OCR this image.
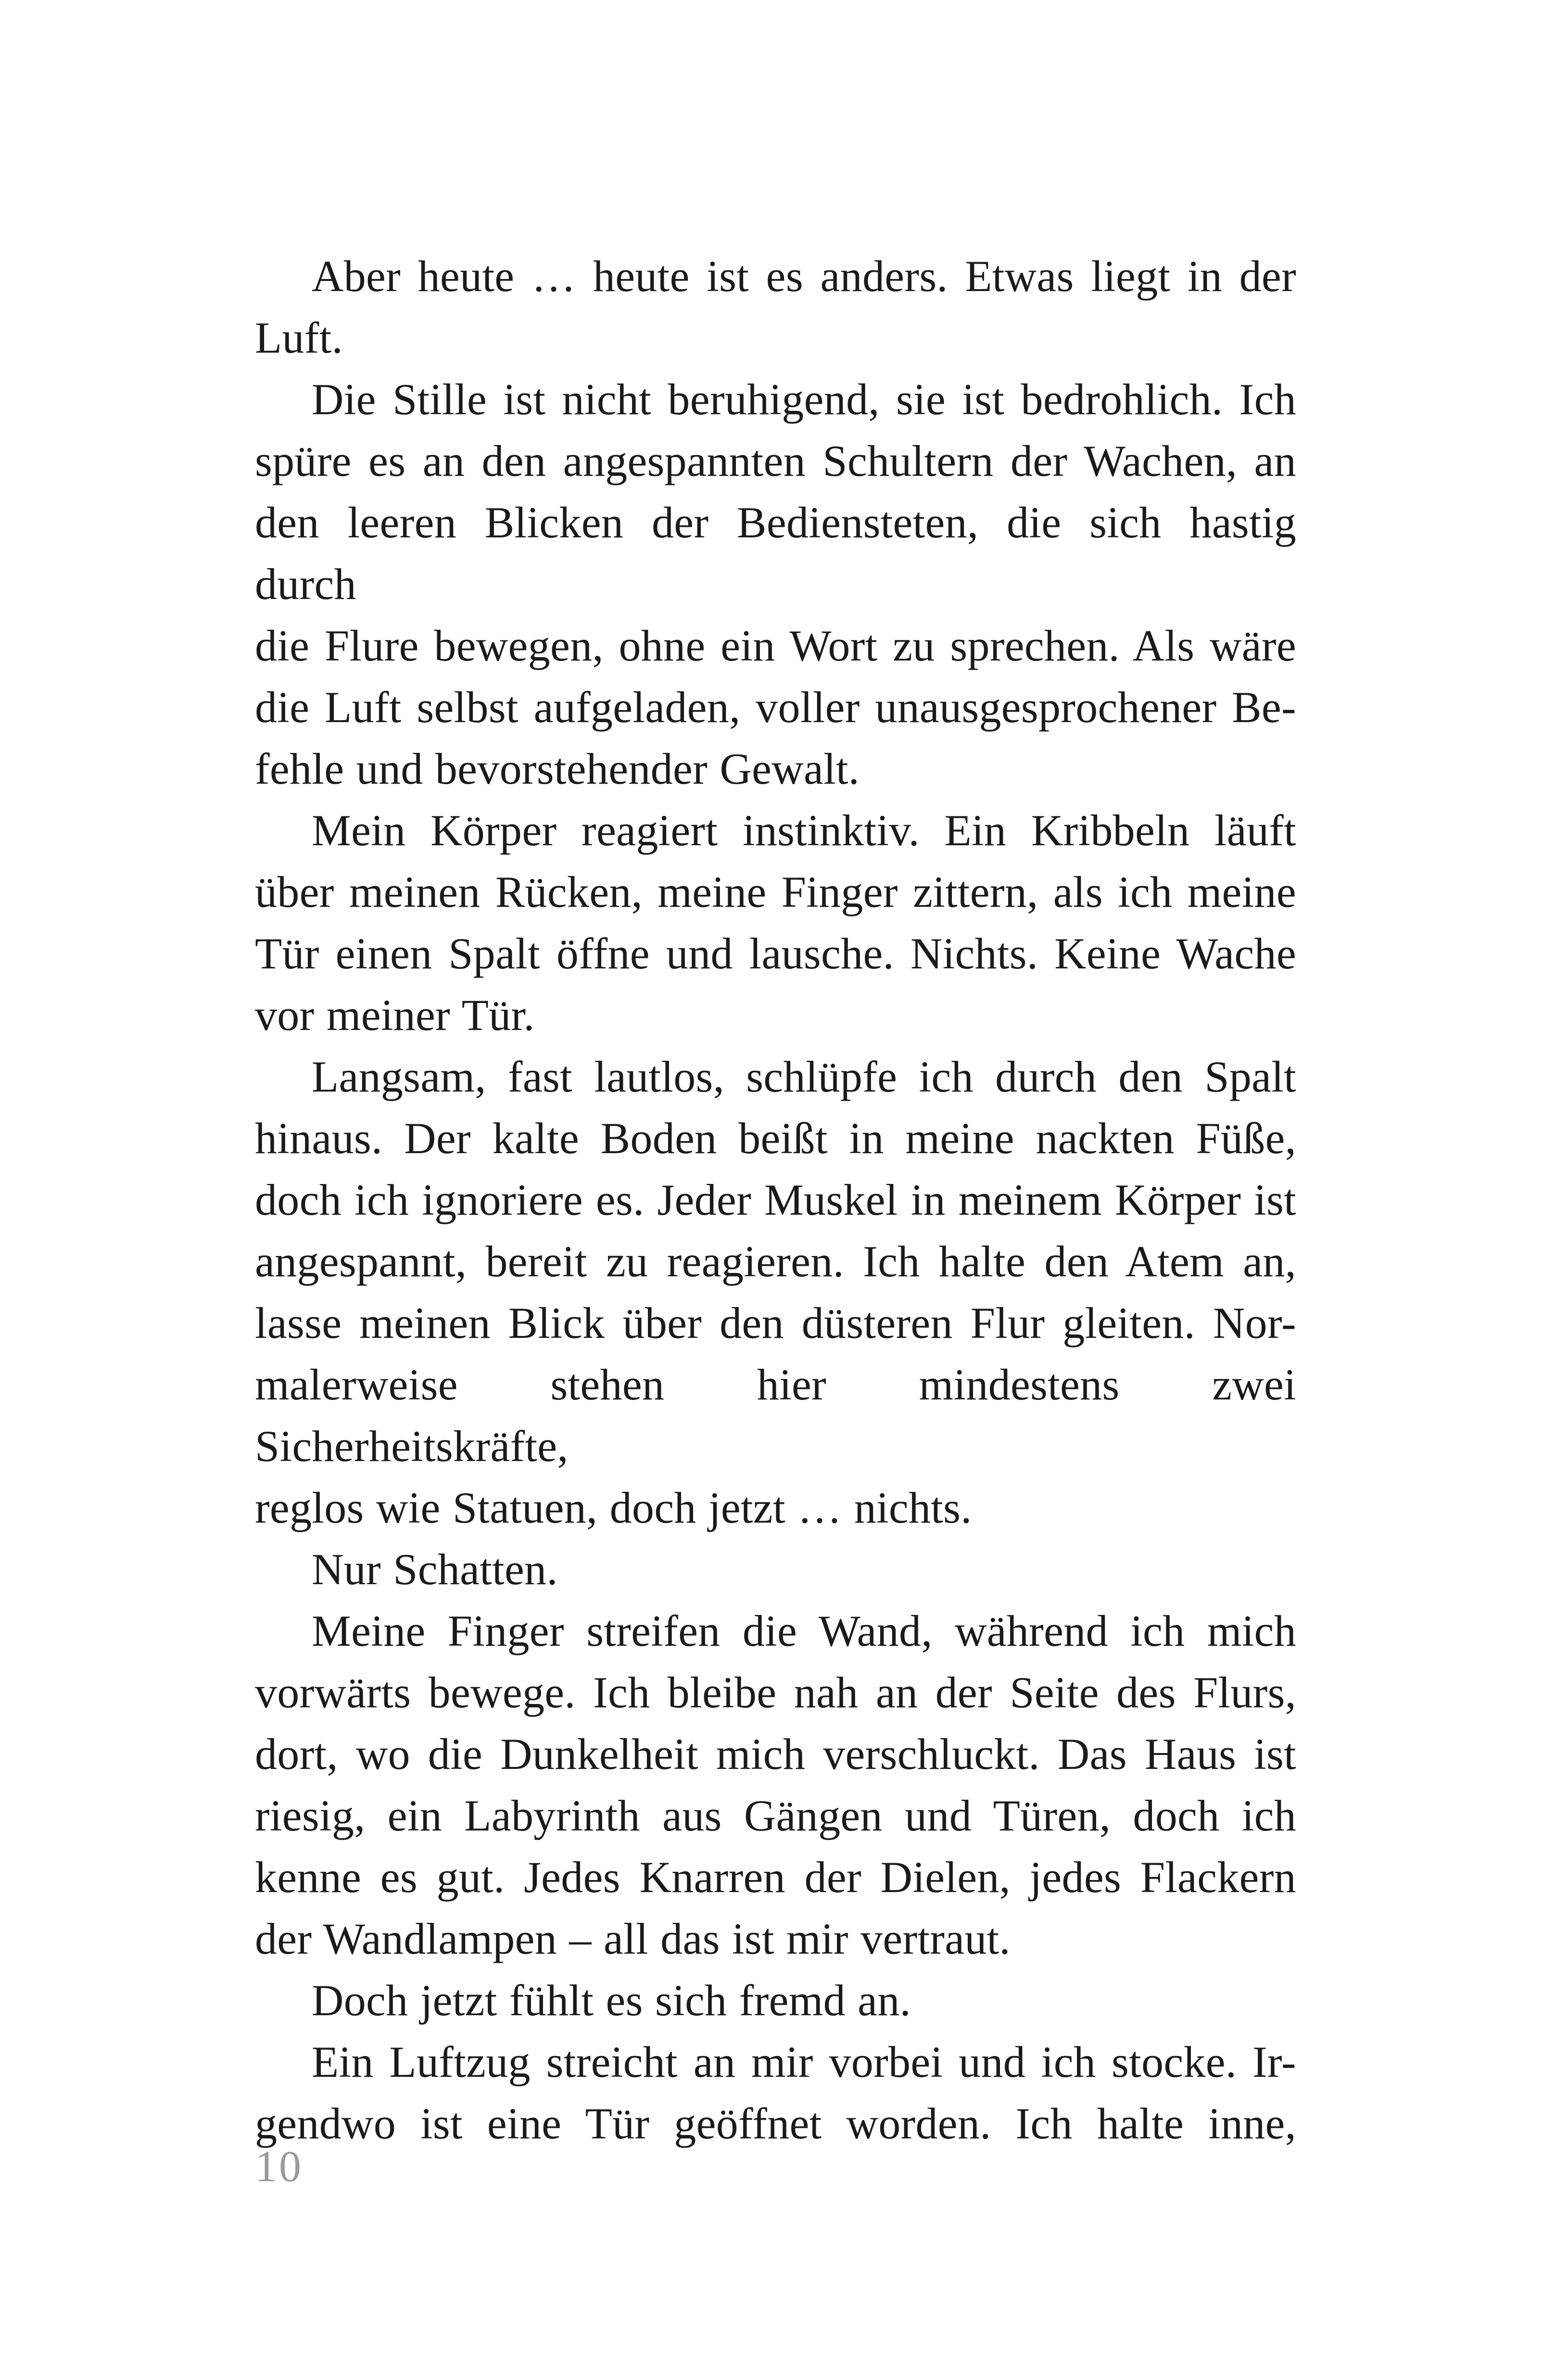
Aber heute … heute ist es anders. Etwas liegt in der
Luft.
Die Stille ist nicht beruhigend, sie ist bedrohlich. Ich
spüre es an den angespannten Schultern der Wachen, an
den leeren Blicken der Bediensteten, die sich hastig durch
die Flure bewegen, ohne ein Wort zu sprechen. Als wäre
die Luft selbst aufgeladen, voller unausgesprochener Be-
fehle und bevorstehender Gewalt.
Mein Körper reagiert instinktiv. Ein Kribbeln läuft
über meinen Rücken, meine Finger zittern, als ich meine
Tür einen Spalt öffne und lausche. Nichts. Keine Wache
vor meiner Tür.
Langsam, fast lautlos, schlüpfe ich durch den Spalt
hinaus. Der kalte Boden beißt in meine nackten Füße,
doch ich ignoriere es. Jeder Muskel in meinem Körper ist
angespannt, bereit zu reagieren. Ich halte den Atem an,
lasse meinen Blick über den düsteren Flur gleiten. Nor-
malerweise stehen hier mindestens zwei Sicherheitskräfte,
reglos wie Statuen, doch jetzt … nichts.
Nur Schatten.
Meine Finger streifen die Wand, während ich mich
vorwärts bewege. Ich bleibe nah an der Seite des Flurs,
dort, wo die Dunkelheit mich verschluckt. Das Haus ist
riesig, ein Labyrinth aus Gängen und Türen, doch ich
kenne es gut. Jedes Knarren der Dielen, jedes Flackern
der Wandlampen – all das ist mir vertraut.
Doch jetzt fühlt es sich fremd an.
Ein Luftzug streicht an mir vorbei und ich stocke. Ir-
gendwo ist eine Tür geöffnet worden. Ich halte inne,
10
